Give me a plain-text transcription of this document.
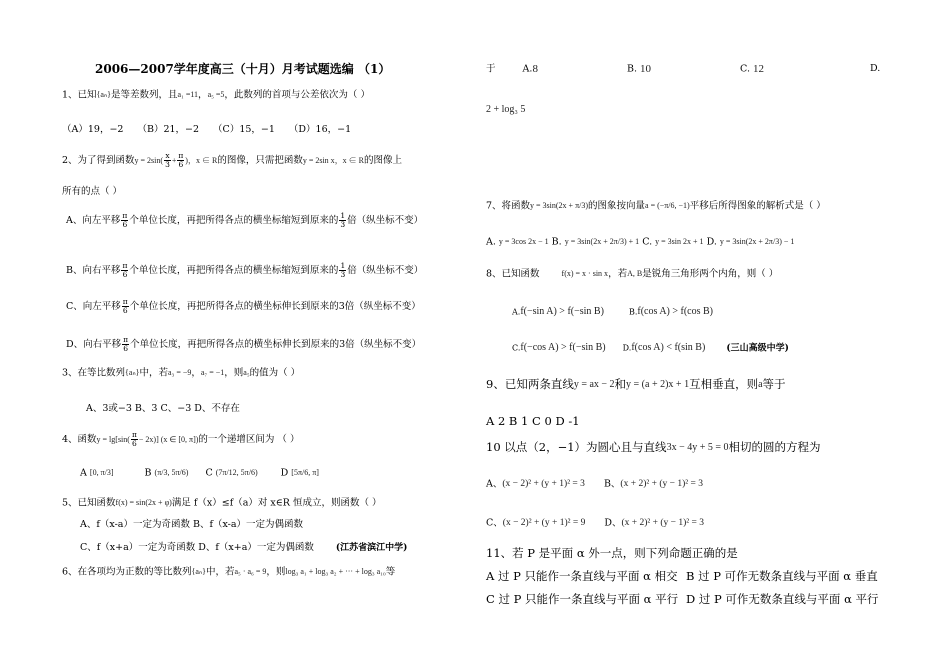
2006—2007学年度高三（十月）月考试题选编 （1）
1、已知{aₙ}是等差数列，且a₁ =11，a₅ =5，此数列的首项与公差依次为（ ）
（A）19，−2 （B）21，−2 （C）15，−1 （D）16，−1
2、为了得到函数$y = 2\sin( \frac{x}{3} + \frac{\pi}{6}$ )，x ∈ R的图像，只需把函数y = 2sin x，x ∈ R的图像上
所有的点（ ）
A、向左平移 $\frac{\pi}{6}$ 个单位长度，再把所得各点的横坐标缩短到原来的 $\frac{1}{3}$ 倍（纵坐标不变）
B、向右平移 $\frac{\pi}{6}$ 个单位长度，再把所得各点的横坐标缩短到原来的 $\frac{1}{3}$ 倍（纵坐标不变）
C、向左平移 $\frac{\pi}{6}$ 个单位长度，再把所得各点的横坐标伸长到原来的3倍（纵坐标不变）
D、向右平移 $\frac{\pi}{6}$ 个单位长度，再把所得各点的横坐标伸长到原来的3倍（纵坐标不变）
3、在等比数列{aₙ}中，若a₃ = −9，a₇ = −1，则a₅的值为（ ）
A、3或−3 B、3 C、−3 D、不存在
4、函数$y = \lg[\sin( \frac{\pi}{6} - 2x)]$ (x ∈ [0, π])的一个递增区间为 （ ）
A [0, π/3]	B (π/3, 5π/6) C (7π/12, 5π/6) D [5π/6, π]
5、已知函数f(x) = sin(2x + φ)满足 f（x）≤f（a）对 x∈R 恒成立，则函数（ ）
A、f（x-a）一定为奇函数 B、f（x-a）一定为偶函数
C、f（x+a）一定为奇函数 D、f（x+a）一定为偶函数 (江苏省滨江中学)
6、在各项均为正数的等比数列{aₙ}中，若a₅ · a₆ = 9，则log₃ a₁ + log₃ a₂ + ··· + log₃ a₁₀等
于	A.8	B. 10	C. 12	D.
2 + log₃ 5
7、将函数y = 3sin(2x + π/3)的图象按向量a = (−π/6, −1)平移后所得图象的解析式是（ ）
A. y = 3cos 2x − 1 B. y = 3sin(2x + 2π/3) + 1 C. y = 3sin 2x + 1 D. y = 3sin(2x + 2π/3) − 1
8、已知函数	f(x) = x · sin x，若A, B是锐角三角形两个内角，则（ ）
A.f(−sin A) > f(−sin B)	B.f(cos A) > f(cos B)
C.f(−cos A) > f(−sin B) D.f(cos A) < f(sin B) (三山高级中学)
9、已知两条直线y = ax − 2和y = (a + 2)x + 1互相垂直，则a等于
A 2 B 1 C 0 D -1
10 以点（2，−1）为圆心且与直线3x − 4y + 5 = 0相切的圆的方程为
A、(x − 2)² + (y + 1)² = 3 B、(x + 2)² + (y − 1)² = 3
C、(x − 2)² + (y + 1)² = 9 D、(x + 2)² + (y − 1)² = 3
11、若 P 是平面 α 外一点，则下列命题正确的是
A 过 P 只能作一条直线与平面 α 相交 B 过 P 可作无数条直线与平面 α 垂直
C 过 P 只能作一条直线与平面 α 平行 D 过 P 可作无数条直线与平面 α 平行
